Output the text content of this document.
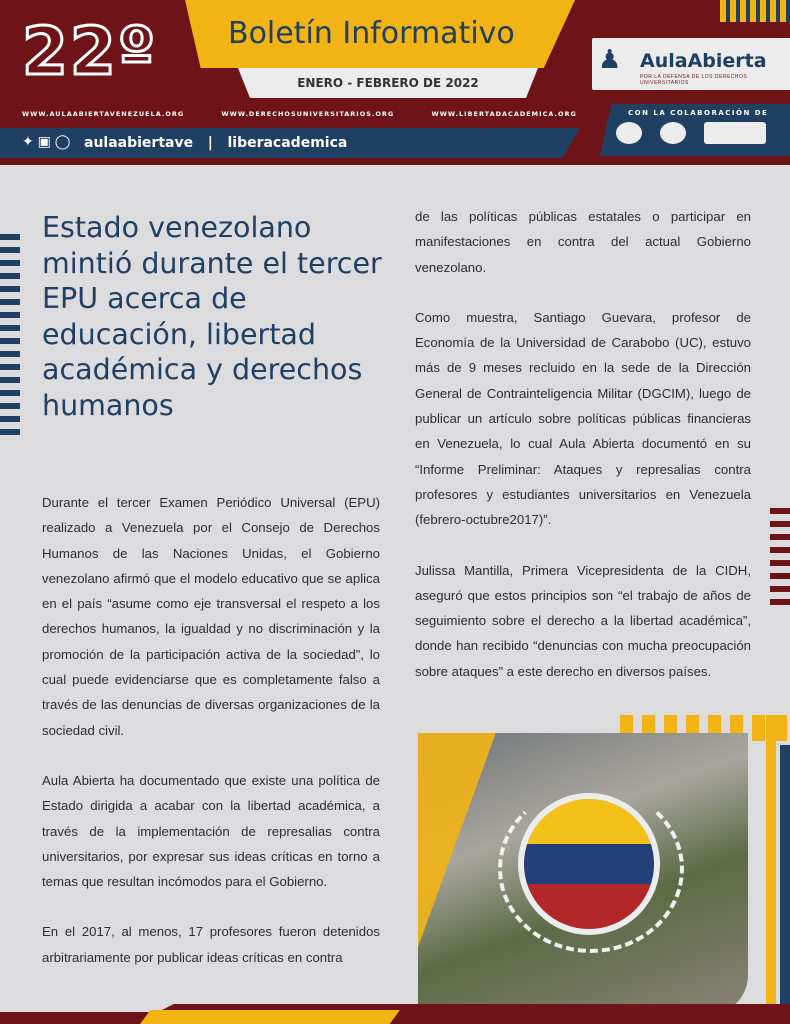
22º Boletín Informativo
ENERO - FEBRERO DE 2022
♟ AulaAbierta
POR LA DEFENSA DE LOS DERECHOS UNIVERSITARIOS
WWW.AULAABIERTAVENEZUELA.ORG	WWW.DERECHOSUNIVERSITARIOS.ORG	WWW.LIBERTADACADEMICA.ORG
✦ ▣ ◯ aulaabiertave | liberacademica
CON LA COLABORACIÓN DE
Estado venezolano mintió durante el tercer EPU acerca de educación, libertad académica y derechos humanos

Durante el tercer Examen Periódico Universal (EPU) realizado a Venezuela por el Consejo de Derechos Humanos de las Naciones Unidas, el Gobierno venezolano afirmó que el modelo educativo que se aplica en el país “asume como eje transversal el respeto a los derechos humanos, la igualdad y no discriminación y la promoción de la participación activa de la sociedad”, lo cual puede evidenciarse que es completamente falso a través de las denuncias de diversas organizaciones de la sociedad civil.

Aula Abierta ha documentado que existe una política de Estado dirigida a acabar con la libertad académica, a través de la implementación de represalias contra universitarios, por expresar sus ideas críticas en torno a temas que resultan incómodos para el Gobierno.

En el 2017, al menos, 17 profesores fueron detenidos arbitrariamente por publicar ideas críticas en contra

de las políticas públicas estatales o participar en manifestaciones en contra del actual Gobierno venezolano.

Como muestra, Santiago Guevara, profesor de Economía de la Universidad de Carabobo (UC), estuvo más de 9 meses recluido en la sede de la Dirección General de Contrainteligencia Militar (DGCIM), luego de publicar un artículo sobre políticas públicas financieras en Venezuela, lo cual Aula Abierta documentó en su “Informe Preliminar: Ataques y represalias contra profesores y estudiantes universitarios en Venezuela (febrero-octubre2017)”.

Julissa Mantilla, Primera Vicepresidenta de la CIDH, aseguró que estos principios son “el trabajo de años de seguimiento sobre el derecho a la libertad académica”, donde han recibido “denuncias con mucha preocupación sobre ataques” a este derecho en diversos países.
